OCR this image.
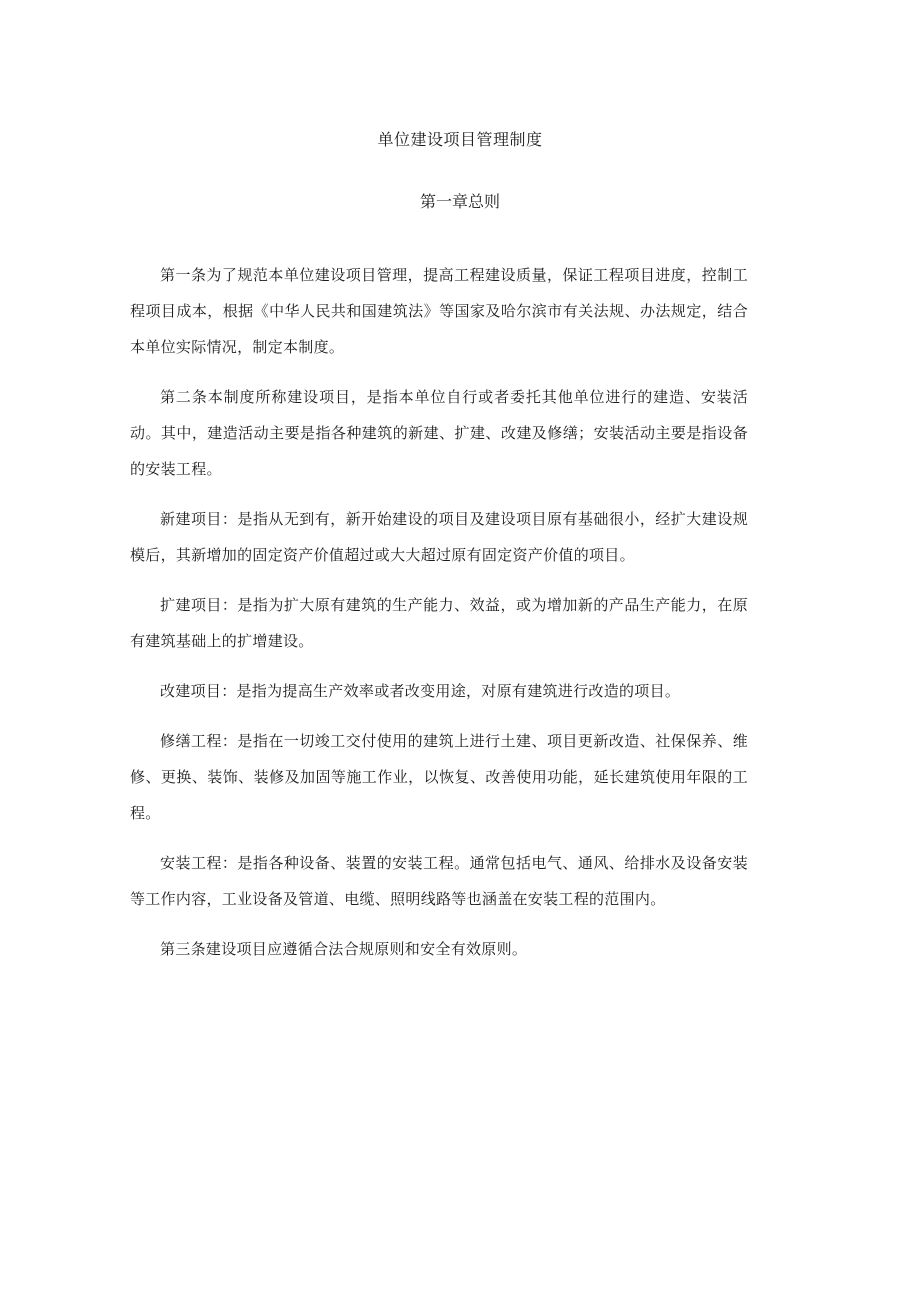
单位建设项目管理制度
第一章总则

第一条为了规范本单位建设项目管理，提高工程建设质量，保证工程项目进度，控制工程项目成本，根据《中华人民共和国建筑法》等国家及哈尔滨市有关法规、办法规定，结合本单位实际情况，制定本制度。

第二条本制度所称建设项目，是指本单位自行或者委托其他单位进行的建造、安装活动。其中，建造活动主要是指各种建筑的新建、扩建、改建及修缮；安装活动主要是指设备的安装工程。

新建项目：是指从无到有，新开始建设的项目及建设项目原有基础很小，经扩大建设规模后，其新增加的固定资产价值超过或大大超过原有固定资产价值的项目。

扩建项目：是指为扩大原有建筑的生产能力、效益，或为增加新的产品生产能力，在原有建筑基础上的扩增建设。

改建项目：是指为提高生产效率或者改变用途，对原有建筑进行改造的项目。

修缮工程：是指在一切竣工交付使用的建筑上进行土建、项目更新改造、社保保养、维修、更换、装饰、装修及加固等施工作业，以恢复、改善使用功能，延长建筑使用年限的工程。

安装工程：是指各种设备、装置的安装工程。通常包括电气、通风、给排水及设备安装等工作内容，工业设备及管道、电缆、照明线路等也涵盖在安装工程的范围内。

第三条建设项目应遵循合法合规原则和安全有效原则。
